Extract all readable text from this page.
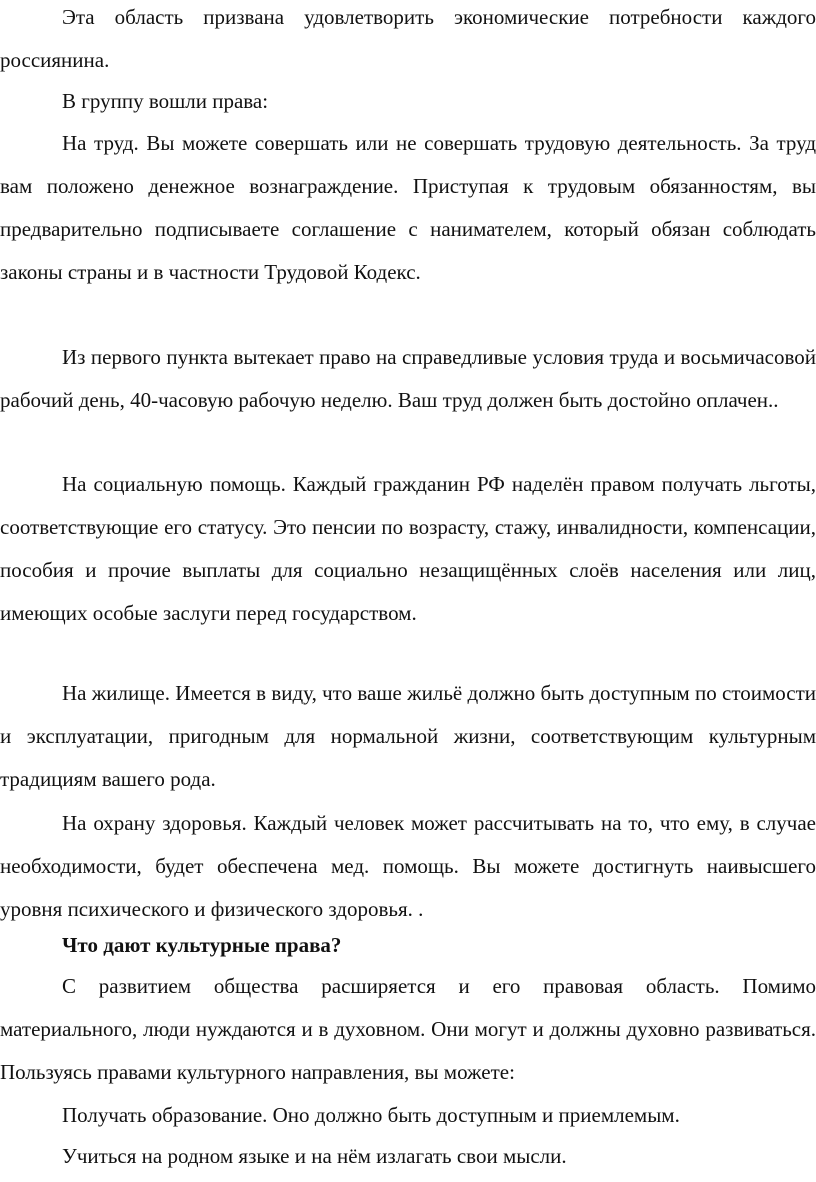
Эта область призвана удовлетворить экономические потребности каждого россиянина.

В группу вошли права:

На труд. Вы можете совершать или не совершать трудовую деятельность. За труд вам положено денежное вознаграждение. Приступая к трудовым обязанностям, вы предварительно подписываете соглашение с нанимателем, который обязан соблюдать законы страны и в частности Трудовой Кодекс.

Из первого пункта вытекает право на справедливые условия труда и восьмичасовой рабочий день, 40-часовую рабочую неделю. Ваш труд должен быть достойно оплачен..

На социальную помощь. Каждый гражданин РФ наделён правом получать льготы, соответствующие его статусу. Это пенсии по возрасту, стажу, инвалидности, компенсации, пособия и прочие выплаты для социально незащищённых слоёв населения или лиц, имеющих особые заслуги перед государством.

На жилище. Имеется в виду, что ваше жильё должно быть доступным по стоимости и эксплуатации, пригодным для нормальной жизни, соответствующим культурным традициям вашего рода.

На охрану здоровья. Каждый человек может рассчитывать на то, что ему, в случае необходимости, будет обеспечена мед. помощь. Вы можете достигнуть наивысшего уровня психического и физического здоровья. .

Что дают культурные права?

С развитием общества расширяется и его правовая область. Помимо материального, люди нуждаются и в духовном. Они могут и должны духовно развиваться. Пользуясь правами культурного направления, вы можете:

Получать образование. Оно должно быть доступным и приемлемым.

Учиться на родном языке и на нём излагать свои мысли.
